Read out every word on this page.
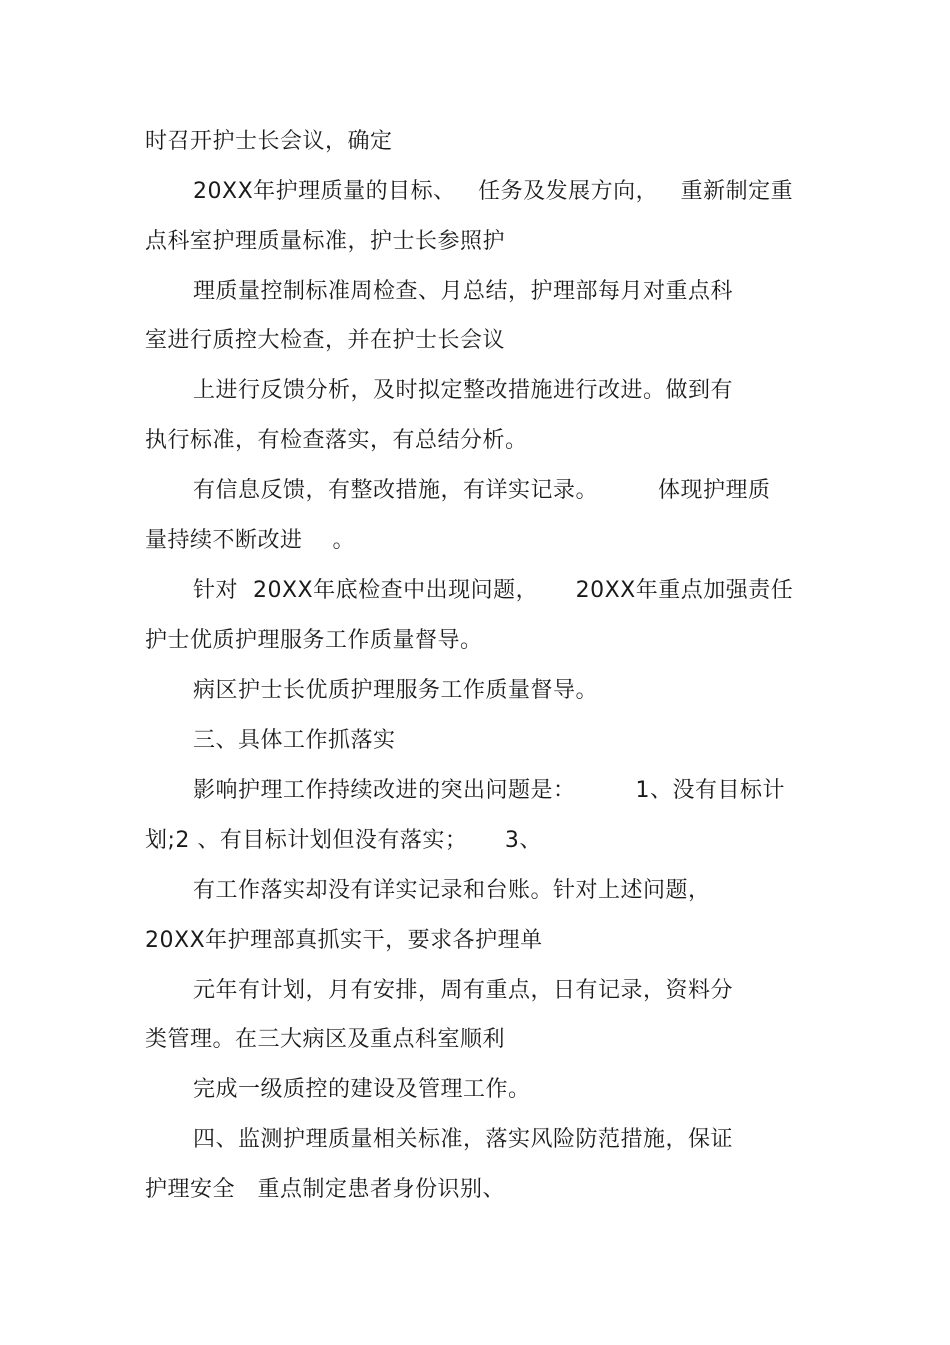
时召开护士长会议，确定
20XX年护理质量的目标、   任务及发展方向，   重新制定重
点科室护理质量标准，护士长参照护
理质量控制标准周检查、月总结，护理部每月对重点科
室进行质控大检查，并在护士长会议
上进行反馈分析，及时拟定整改措施进行改进。做到有
执行标准，有检查落实，有总结分析。
有信息反馈，有整改措施，有详实记录。        体现护理质
量持续不断改进    。
针对  20XX年底检查中出现问题，     20XX年重点加强责任
护士优质护理服务工作质量督导。
病区护士长优质护理服务工作质量督导。
三、具体工作抓落实
影响护理工作持续改进的突出问题是：        1、没有目标计
划;2 、有目标计划但没有落实；     3、
有工作落实却没有详实记录和台账。针对上述问题，
20XX年护理部真抓实干，要求各护理单
元年有计划，月有安排，周有重点，日有记录，资料分
类管理。在三大病区及重点科室顺利
完成一级质控的建设及管理工作。
四、监测护理质量相关标准，落实风险防范措施，保证
护理安全   重点制定患者身份识别、
